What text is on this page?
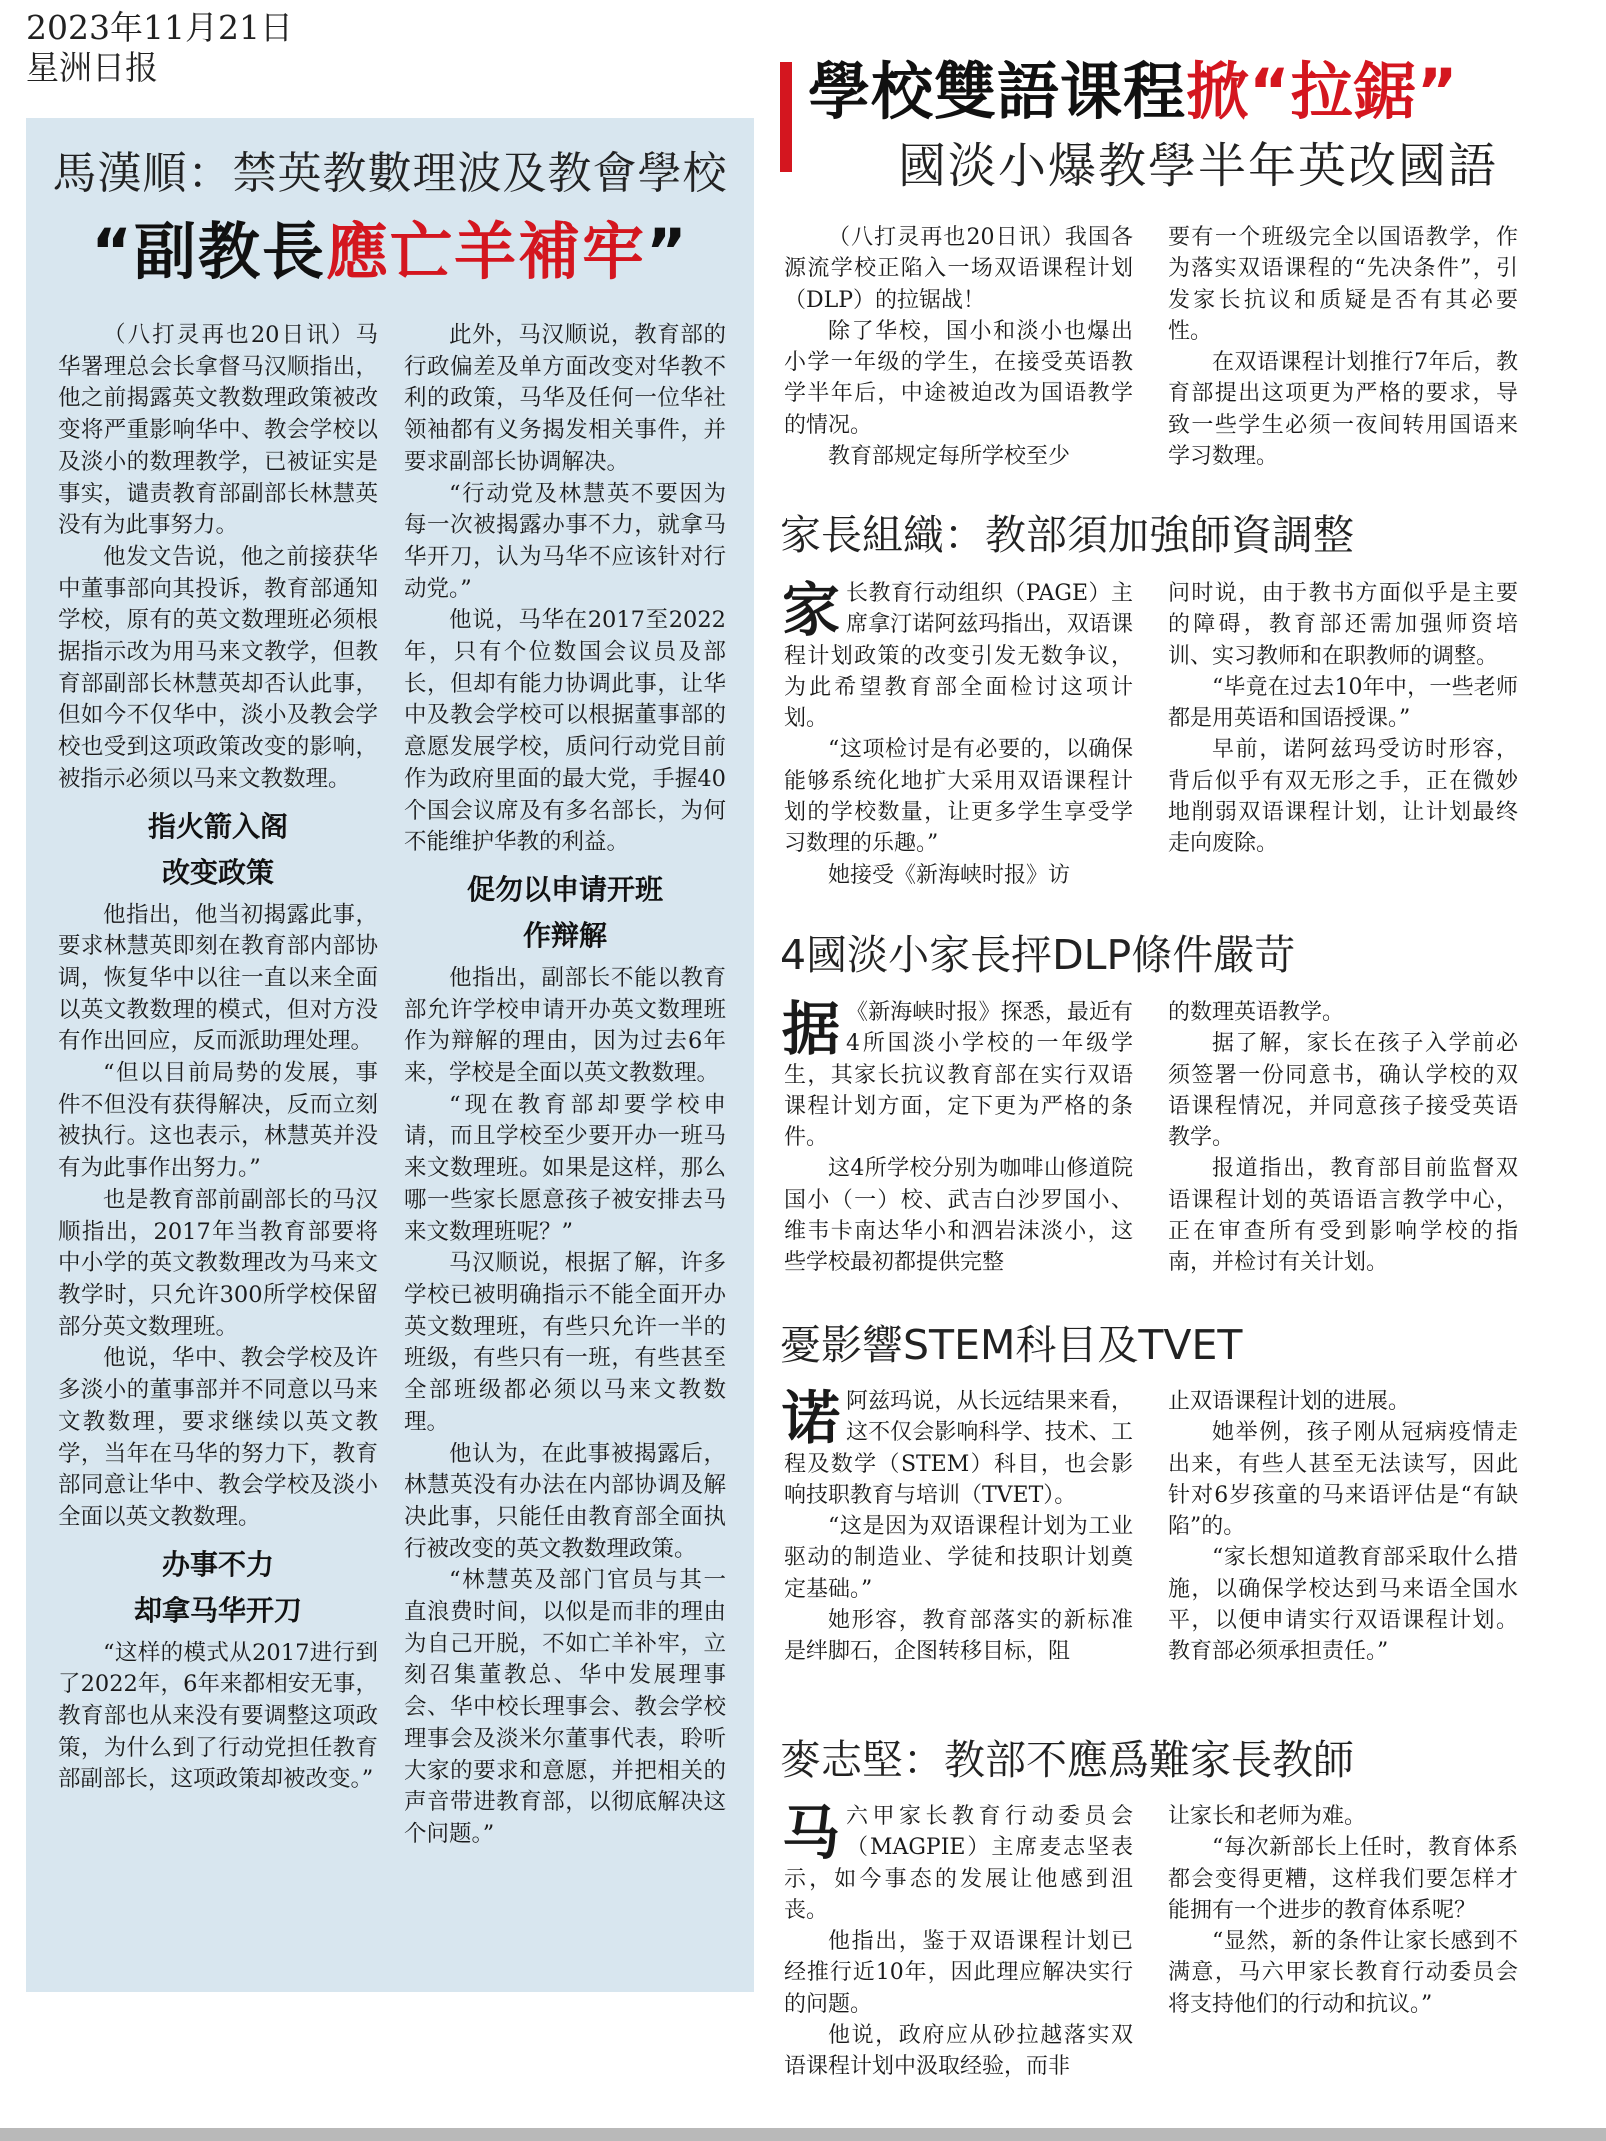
2023年11月21日
星洲日报
馬漢順：禁英教數理波及教會學校
“副教長應亡羊補牢”

（八打灵再也20日讯）马华署理总会长拿督马汉顺指出，他之前揭露英文教数理政策被改变将严重影响华中、教会学校以及淡小的数理教学，已被证实是事实，谴责教育部副部长林慧英没有为此事努力。

他发文告说，他之前接获华中董事部向其投诉，教育部通知学校，原有的英文数理班必须根据指示改为用马来文教学，但教育部副部长林慧英却否认此事，但如今不仅华中，淡小及教会学校也受到这项政策改变的影响，被指示必须以马来文教数理。

指火箭入阁
改变政策

他指出，他当初揭露此事，要求林慧英即刻在教育部内部协调，恢复华中以往一直以来全面以英文教数理的模式，但对方没有作出回应，反而派助理处理。

“但以目前局势的发展，事件不但没有获得解决，反而立刻被执行。这也表示，林慧英并没有为此事作出努力。”

也是教育部前副部长的马汉顺指出，2017年当教育部要将中小学的英文教数理改为马来文教学时，只允许300所学校保留部分英文数理班。

他说，华中、教会学校及许多淡小的董事部并不同意以马来文教数理，要求继续以英文教学，当年在马华的努力下，教育部同意让华中、教会学校及淡小全面以英文教数理。

办事不力
却拿马华开刀

“这样的模式从2017进行到了2022年，6年来都相安无事，教育部也从来没有要调整这项政策，为什么到了行动党担任教育部副部长，这项政策却被改变。”

此外，马汉顺说，教育部的行政偏差及单方面改变对华教不利的政策，马华及任何一位华社领袖都有义务揭发相关事件，并要求副部长协调解决。

“行动党及林慧英不要因为每一次被揭露办事不力，就拿马华开刀，认为马华不应该针对行动党。”

他说，马华在2017至2022年，只有个位数国会议员及部长，但却有能力协调此事，让华中及教会学校可以根据董事部的意愿发展学校，质问行动党目前作为政府里面的最大党，手握40个国会议席及有多名部长，为何不能维护华教的利益。

促勿以申请开班
作辩解

他指出，副部长不能以教育部允许学校申请开办英文数理班作为辩解的理由，因为过去6年来，学校是全面以英文教数理。

“现在教育部却要学校申请，而且学校至少要开办一班马来文数理班。如果是这样，那么哪一些家长愿意孩子被安排去马来文数理班呢？”

马汉顺说，根据了解，许多学校已被明确指示不能全面开办英文数理班，有些只允许一半的班级，有些只有一班，有些甚至全部班级都必须以马来文教数理。

他认为，在此事被揭露后，林慧英没有办法在内部协调及解决此事，只能任由教育部全面执行被改变的英文教数理政策。

“林慧英及部门官员与其一直浪费时间，以似是而非的理由为自己开脱，不如亡羊补牢，立刻召集董教总、华中发展理事会、华中校长理事会、教会学校理事会及淡米尔董事代表，聆听大家的要求和意愿，并把相关的声音带进教育部，以彻底解决这个问题。”

學校雙語课程掀“拉鋸”
國淡小爆教學半年英改國語

（八打灵再也20日讯）我国各源流学校正陷入一场双语课程计划（DLP）的拉锯战！

除了华校，国小和淡小也爆出小学一年级的学生，在接受英语教学半年后，中途被迫改为国语教学的情况。

教育部规定每所学校至少

要有一个班级完全以国语教学，作为落实双语课程的“先决条件”，引发家长抗议和质疑是否有其必要性。

在双语课程计划推行7年后，教育部提出这项更为严格的要求，导致一些学生必须一夜间转用国语来学习数理。

家長組織：教部須加強師資調整

家长教育行动组织（PAGE）主席拿汀诺阿兹玛指出，双语课程计划政策的改变引发无数争议，为此希望教育部全面检讨这项计划。

“这项检讨是有必要的，以确保能够系统化地扩大采用双语课程计划的学校数量，让更多学生享受学习数理的乐趣。”

她接受《新海峡时报》访

问时说，由于教书方面似乎是主要的障碍，教育部还需加强师资培训、实习教师和在职教师的调整。

“毕竟在过去10年中，一些老师都是用英语和国语授课。”

早前，诺阿兹玛受访时形容，背后似乎有双无形之手，正在微妙地削弱双语课程计划，让计划最终走向废除。

4國淡小家長抨DLP條件嚴苛

据 《新海峡时报》探悉，最近有4所国淡小学校的一年级学生，其家长抗议教育部在实行双语课程计划方面，定下更为严格的条件。

这4所学校分别为咖啡山修道院国小（一）校、武吉白沙罗国小、维韦卡南达华小和泗岩沫淡小，这些学校最初都提供完整

的数理英语教学。

据了解，家长在孩子入学前必须签署一份同意书，确认学校的双语课程情况，并同意孩子接受英语教学。

报道指出，教育部目前监督双语课程计划的英语语言教学中心，正在审查所有受到影响学校的指南，并检讨有关计划。

憂影響STEM科目及TVET

诺阿兹玛说，从长远结果来看，这不仅会影响科学、技术、工程及数学（STEM）科目，也会影响技职教育与培训（TVET）。

“这是因为双语课程计划为工业驱动的制造业、学徒和技职计划奠定基础。”

她形容，教育部落实的新标准是绊脚石，企图转移目标，阻

止双语课程计划的进展。

她举例，孩子刚从冠病疫情走出来，有些人甚至无法读写，因此针对6岁孩童的马来语评估是“有缺陷”的。

“家长想知道教育部采取什么措施，以确保学校达到马来语全国水平，以便申请实行双语课程计划。教育部必须承担责任。”

麥志堅：教部不應爲難家長教師

马六甲家长教育行动委员会（MAGPIE）主席麦志坚表示，如今事态的发展让他感到沮丧。

他指出，鉴于双语课程计划已经推行近10年，因此理应解决实行的问题。

他说，政府应从砂拉越落实双语课程计划中汲取经验，而非

让家长和老师为难。

“每次新部长上任时，教育体系都会变得更糟，这样我们要怎样才能拥有一个进步的教育体系呢？

“显然，新的条件让家长感到不满意，马六甲家长教育行动委员会将支持他们的行动和抗议。”
